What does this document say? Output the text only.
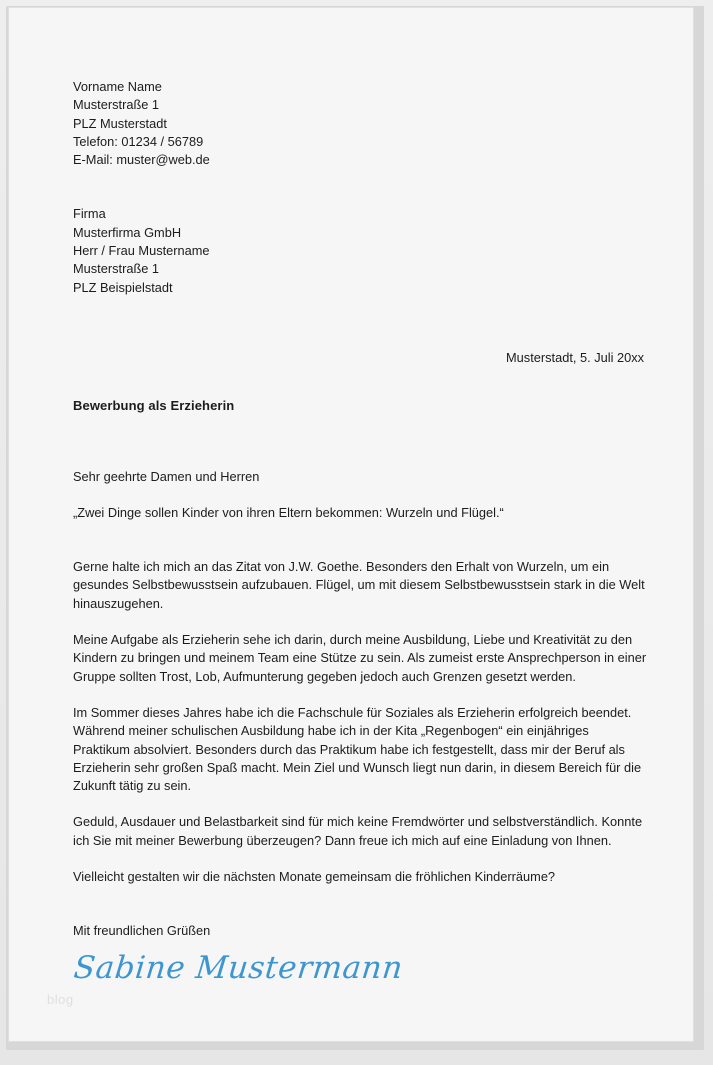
Vorname Name
Musterstraße 1
PLZ Musterstadt
Telefon: 01234 / 56789
E-Mail: muster@web.de
Firma
Musterfirma GmbH
Herr / Frau Mustername
Musterstraße 1
PLZ Beispielstadt
Musterstadt, 5. Juli 20xx
Bewerbung als Erzieherin
Sehr geehrte Damen und Herren
„Zwei Dinge sollen Kinder von ihren Eltern bekommen: Wurzeln und Flügel.“

Gerne halte ich mich an das Zitat von J.W. Goethe. Besonders den Erhalt von Wurzeln, um ein gesundes Selbstbewusstsein aufzubauen. Flügel, um mit diesem Selbstbewusstsein stark in die Welt hinauszugehen.

Meine Aufgabe als Erzieherin sehe ich darin, durch meine Ausbildung, Liebe und Kreativität zu den Kindern zu bringen und meinem Team eine Stütze zu sein. Als zumeist erste Ansprechperson in einer Gruppe sollten Trost, Lob, Aufmunterung gegeben jedoch auch Grenzen gesetzt werden.

Im Sommer dieses Jahres habe ich die Fachschule für Soziales als Erzieherin erfolgreich beendet. Während meiner schulischen Ausbildung habe ich in der Kita „Regenbogen“ ein einjähriges Praktikum absolviert. Besonders durch das Praktikum habe ich festgestellt, dass mir der Beruf als Erzieherin sehr großen Spaß macht. Mein Ziel und Wunsch liegt nun darin, in diesem Bereich für die Zukunft tätig zu sein.

Geduld, Ausdauer und Belastbarkeit sind für mich keine Fremdwörter und selbstverständlich. Konnte ich Sie mit meiner Bewerbung überzeugen? Dann freue ich mich auf eine Einladung von Ihnen.

Vielleicht gestalten wir die nächsten Monate gemeinsam die fröhlichen Kinderräume?

Mit freundlichen Grüßen
Sabine Mustermann
blog
